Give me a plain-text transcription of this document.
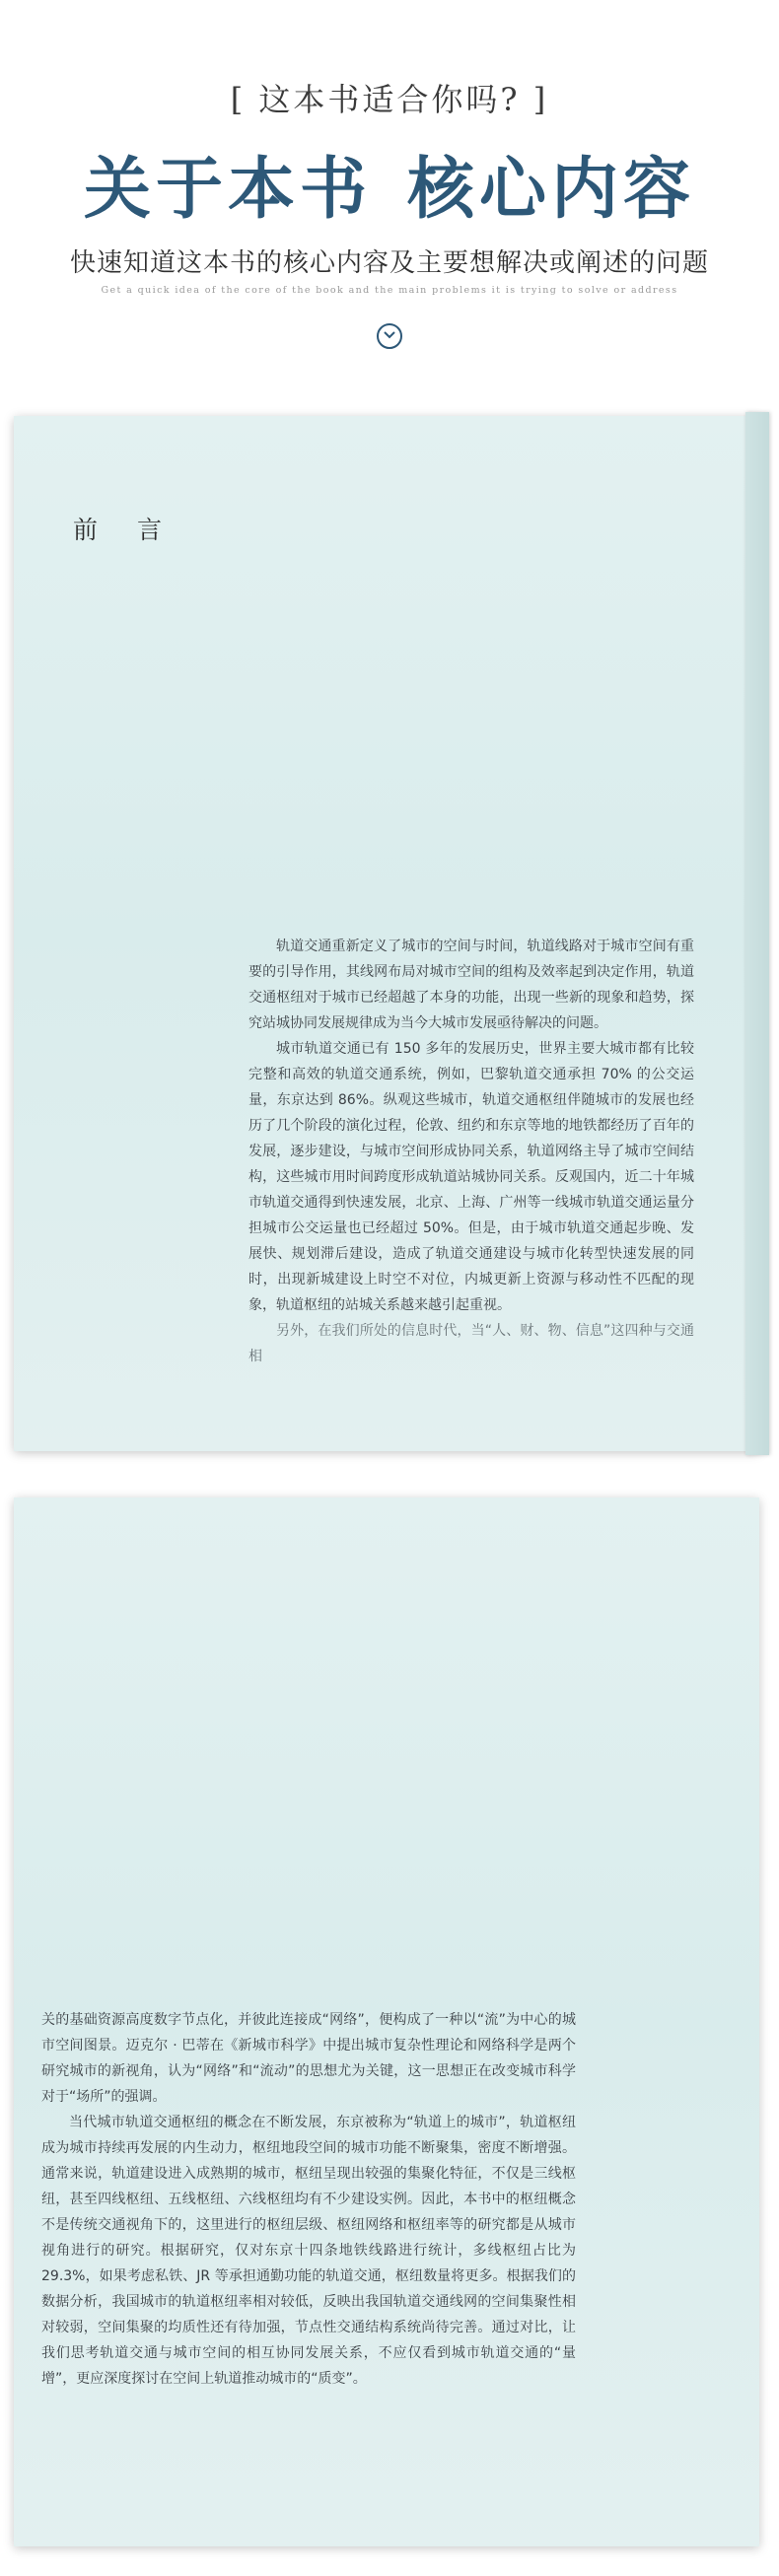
[ 这本书适合你吗? ]
关于本书 核心内容
快速知道这本书的核心内容及主要想解决或阐述的问题
Get a quick idea of the core of the book and the main problems it is trying to solve or address
前 言

轨道交通重新定义了城市的空间与时间，轨道线路对于城市空间有重要的引导作用，其线网布局对城市空间的组构及效率起到决定作用，轨道交通枢纽对于城市已经超越了本身的功能，出现一些新的现象和趋势，探究站城协同发展规律成为当今大城市发展亟待解决的问题。

城市轨道交通已有 150 多年的发展历史，世界主要大城市都有比较完整和高效的轨道交通系统，例如，巴黎轨道交通承担 70% 的公交运量，东京达到 86%。纵观这些城市，轨道交通枢纽伴随城市的发展也经历了几个阶段的演化过程，伦敦、纽约和东京等地的地铁都经历了百年的发展，逐步建设，与城市空间形成协同关系，轨道网络主导了城市空间结构，这些城市用时间跨度形成轨道站城协同关系。反观国内，近二十年城市轨道交通得到快速发展，北京、上海、广州等一线城市轨道交通运量分担城市公交运量也已经超过 50%。但是，由于城市轨道交通起步晚、发展快、规划滞后建设，造成了轨道交通建设与城市化转型快速发展的同时，出现新城建设上时空不对位，内城更新上资源与移动性不匹配的现象，轨道枢纽的站城关系越来越引起重视。

另外，在我们所处的信息时代，当“人、财、物、信息”这四种与交通相

关的基础资源高度数字节点化，并彼此连接成“网络”，便构成了一种以“流”为中心的城市空间图景。迈克尔 · 巴蒂在《新城市科学》中提出城市复杂性理论和网络科学是两个研究城市的新视角，认为“网络”和“流动”的思想尤为关键，这一思想正在改变城市科学对于“场所”的强调。

当代城市轨道交通枢纽的概念在不断发展，东京被称为“轨道上的城市”，轨道枢纽成为城市持续再发展的内生动力，枢纽地段空间的城市功能不断聚集，密度不断增强。通常来说，轨道建设进入成熟期的城市，枢纽呈现出较强的集聚化特征，不仅是三线枢纽，甚至四线枢纽、五线枢纽、六线枢纽均有不少建设实例。因此，本书中的枢纽概念不是传统交通视角下的，这里进行的枢纽层级、枢纽网络和枢纽率等的研究都是从城市视角进行的研究。根据研究，仅对东京十四条地铁线路进行统计，多线枢纽占比为 29.3%，如果考虑私铁、JR 等承担通勤功能的轨道交通，枢纽数量将更多。根据我们的数据分析，我国城市的轨道枢纽率相对较低，反映出我国轨道交通线网的空间集聚性相对较弱，空间集聚的均质性还有待加强，节点性交通结构系统尚待完善。通过对比，让我们思考轨道交通与城市空间的相互协同发展关系，不应仅看到城市轨道交通的“量增”，更应深度探讨在空间上轨道推动城市的“质变”。
